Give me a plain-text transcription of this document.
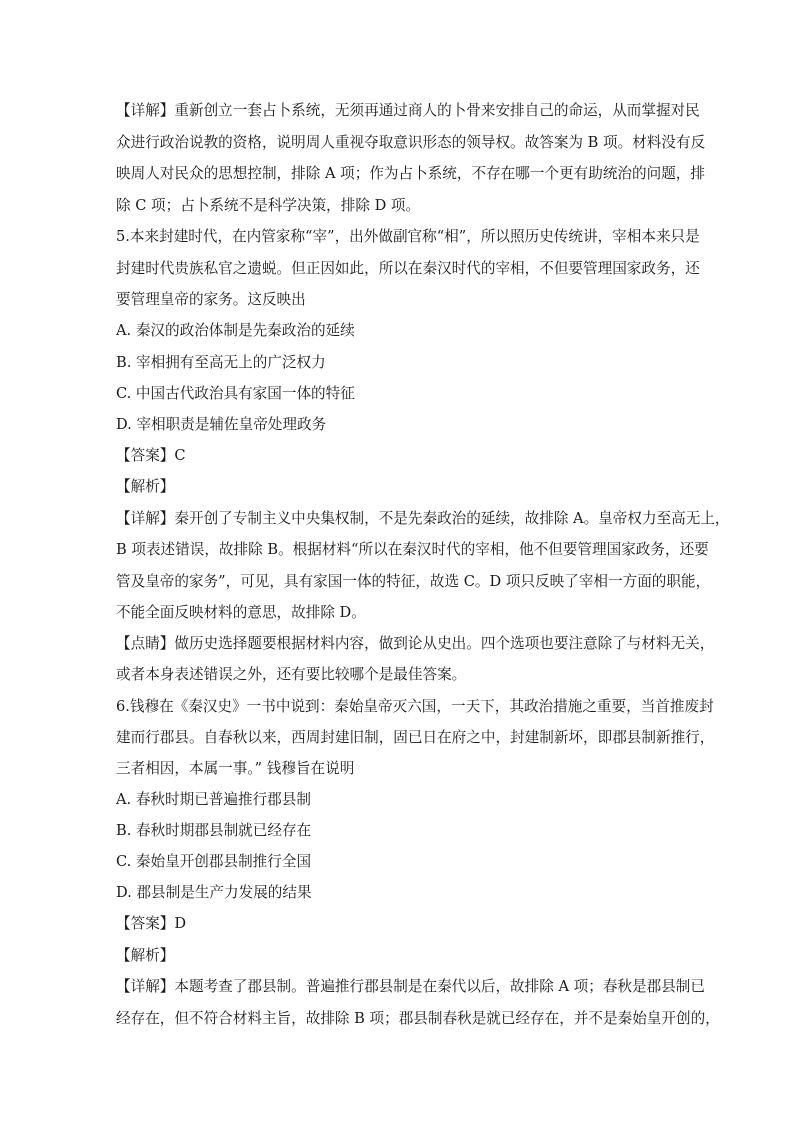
【详解】重新创立一套占卜系统，无须再通过商人的卜骨来安排自己的命运，从而掌握对民
众进行政治说教的资格，说明周人重视夺取意识形态的领导权。故答案为 B 项。材料没有反
映周人对民众的思想控制，排除 A 项；作为占卜系统，不存在哪一个更有助统治的问题，排
除 C 项；占卜系统不是科学决策，排除 D 项。
5.本来封建时代，在内管家称“宰”，出外做副官称“相”，所以照历史传统讲，宰相本来只是
封建时代贵族私官之遗蜕。但正因如此，所以在秦汉时代的宰相，不但要管理国家政务，还
要管理皇帝的家务。这反映出
A. 秦汉的政治体制是先秦政治的延续
B. 宰相拥有至高无上的广泛权力
C. 中国古代政治具有家国一体的特征
D. 宰相职责是辅佐皇帝处理政务
【答案】C
【解析】
【详解】秦开创了专制主义中央集权制，不是先秦政治的延续，故排除 A。皇帝权力至高无上，
B 项表述错误，故排除 B。根据材料“所以在秦汉时代的宰相，他不但要管理国家政务，还要
管及皇帝的家务”，可见，具有家国一体的特征，故选 C。D 项只反映了宰相一方面的职能，
不能全面反映材料的意思，故排除 D。
【点睛】做历史选择题要根据材料内容，做到论从史出。四个选项也要注意除了与材料无关，
或者本身表述错误之外，还有要比较哪个是最佳答案。
6.钱穆在《秦汉史》一书中说到：秦始皇帝灭六国，一天下，其政治措施之重要，当首推废封
建而行郡县。自春秋以来，西周封建旧制，固已日在府之中，封建制新坏，即郡县制新推行，
三者相因，本属一事。” 钱穆旨在说明
A. 春秋时期已普遍推行郡县制
B. 春秋时期郡县制就已经存在
C. 秦始皇开创郡县制推行全国
D. 郡县制是生产力发展的结果
【答案】D
【解析】
【详解】本题考查了郡县制。普遍推行郡县制是在秦代以后，故排除 A 项；春秋是郡县制已
经存在，但不符合材料主旨，故排除 B 项；郡县制春秋是就已经存在，并不是秦始皇开创的，
